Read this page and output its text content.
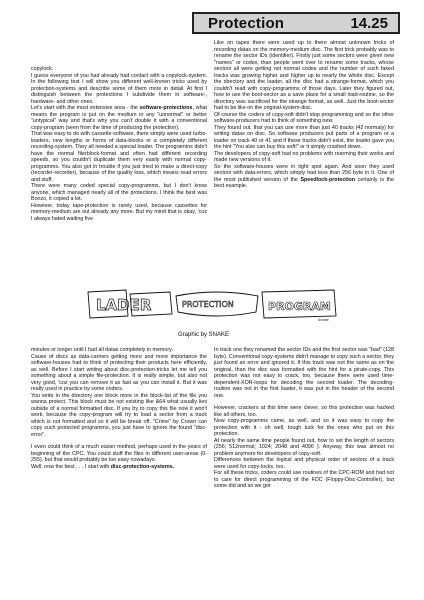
Protection	14.25

copylock.

I guess everyone of you had already had contact with a copylock-system. In the following text I will show you different well-known tricks used by protection-systems and describe some of them more in detail. At first I distinguish between the protections I subdivide them in software-, hardware- and other ones.

Let's start with the most extensive area - the software-protections, what means the program is put on the medium in any "unnormal" or better "untypical" way and that's why you can't double it with a conventional copy-program (seen from the time of producing the protection).

That was easy to do with cassette-software, there simply were used turbo-loaders, new lengths or forms of data-blocks or a completely different recording-system. They all needed a special loader. The programms didn't have the normal filerblock-format and often had different recording speeds, so you couldn't duplicate them very easily with normal copy-programms. You also got in trouble if you just tried to make a direct-copy (recorder-recorder), because of the quality loss, which means read errors and stuff.

There were many coded special copy-programms, but I don't know anyone, which managed nearly all of the protections. I think the best was Bonzo, it copied a lot.

However, today tape-protection is rarely used, because cassettes for memory-medium are out already any more. But my mind that is okay, 'coz I always hated waiting five

Like on tapes there were used up to there almost unknown tricks of recording datas on the memory-medium disc. The first trick probably was to rename the sector IDs (identifier). Firstly just some sectors were given new "names" or codes, than people went over to rename some tracks, whose sectors all were getting not normal codes and the number of such faked tracks was growing higher and higher up to nearly the whole disc. Except the directory and the loader, all the disc had a strange-format, which you couldn't read with copy-programms of those days. Later they figured out, how to use the boot-sector as a save place for a small load-routine, so the directory was sacrificed for the strange format, as well. Just the boot-sector had to be like on the original-system-disc.

Of course the coders of copy-soft didn't stop programming and so the other software-producers had to think of something new.

They found out, that you can use more than just 40 tracks (42 normaly) for writing datas on disc. So software producers put parts of a program or a loader on track 40 or 41 and if these tracks didn't exist, the loader gave you the hint "You also can buy this soft!" or it simply crashed down.

The developers of copy-soft had no problems with rearming their works and made new versions of it.

So the software-houses were in tight spot again. And soon they used sectors with data-errors, which simply had less than 256 byte in it. One of the most published version of the Speedlock-protection certainly is the best example.

LADER	PROTECTION	PROGRAM
Snake
Graphic by SNAKE

minutes or longer until I had all datas completely in memory.

Cause of discs as data-carriers getting more and more importance the software-houses had to think of protecting their products here efficiently, as well. Before I start writing about disc-protection-tricks let me tell you something about a simple file-protection. It is really simple, but also not very good, 'coz you can remove it as fast as you can install it. But it was really used in practice by some coders.

You write in the directory one block more in the block-list of the file you wanna protect. This block must be not existing like &64 what usually lies outside of a normal formatted disc. If you try to copy this file now it won't work, because the copy-program will try to load a sector from a track which is not formatted and so it will be break off. "Crime" by Crown can copy such protected programms, you just have to ignore the found "disc-error".

I even could think of a much easier method, perhaps used in the years of beginning of the CPC. You could stuff the files in different user-areas (0-255), but that would probably be too easy nowadays.

Well, now the best . . . I start with disc-protection-systems.

In track one they renamed the sector IDs and the first sector was "bad" (128 byte). Conventional copy-systems didn't manage to copy such a sector, they just found an error and ignored it. If this track was not the same as on the original, than the disc was formatted with the hint for a pirate-copy. This protection was not easy to crack, too, because there were used time-dependent-XOR-loops for decoding the second loader. The decoding-routine was not in the first loader, it was put in the header of the second one.

However, crackers at this time were clever, so this protection was hacked like all others, too.

Now copy-programms came, as well, and so it was easy to copy the protection with it - oh well, tough luck for the ones who put on this protection.

At nearly the same time people found out, how to set the length of sectors (256; 512normal; 1024; 2048 and 4096 ). Anyway, this was almost no problem anymore for developers of copy-soft.

Differences between the logical and physical order of sectors of a track were used for copy-locks, too.

For all these tricks, coders could use routines of the CPC-ROM and had not to care for direct programming of the FDC (Floppy-Disc-Controller), but some did and so we got
